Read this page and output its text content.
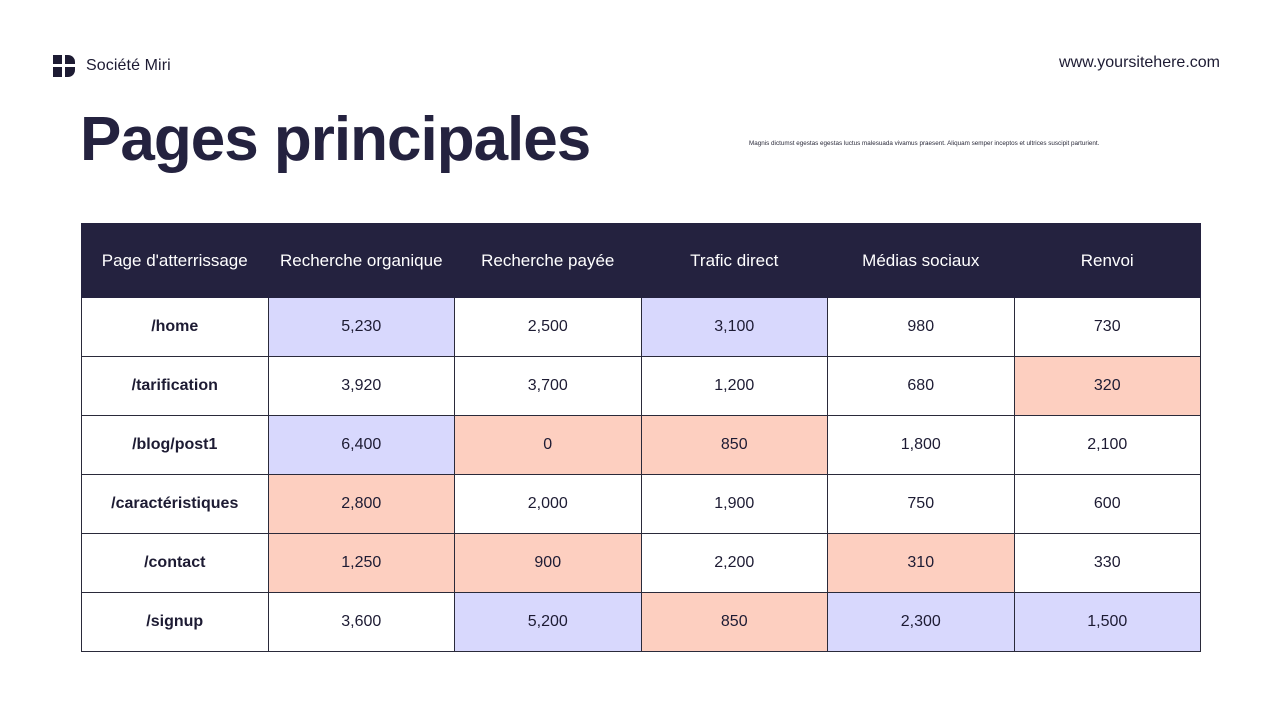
Société Miri	www.yoursitehere.com
Pages principales	Magnis dictumst egestas egestas luctus malesuada vivamus praesent. Aliquam semper inceptos et ultrices suscipit parturient.
Page d'atterrissage	Recherche organique	Recherche payée	Trafic direct	Médias sociaux	Renvoi
/home	5,230	2,500	3,100	980	730
/tarification	3,920	3,700	1,200	680	320
/blog/post1	6,400	0	850	1,800	2,100
/caractéristiques	2,800	2,000	1,900	750	600
/contact	1,250	900	2,200	310	330
/signup	3,600	5,200	850	2,300	1,500
